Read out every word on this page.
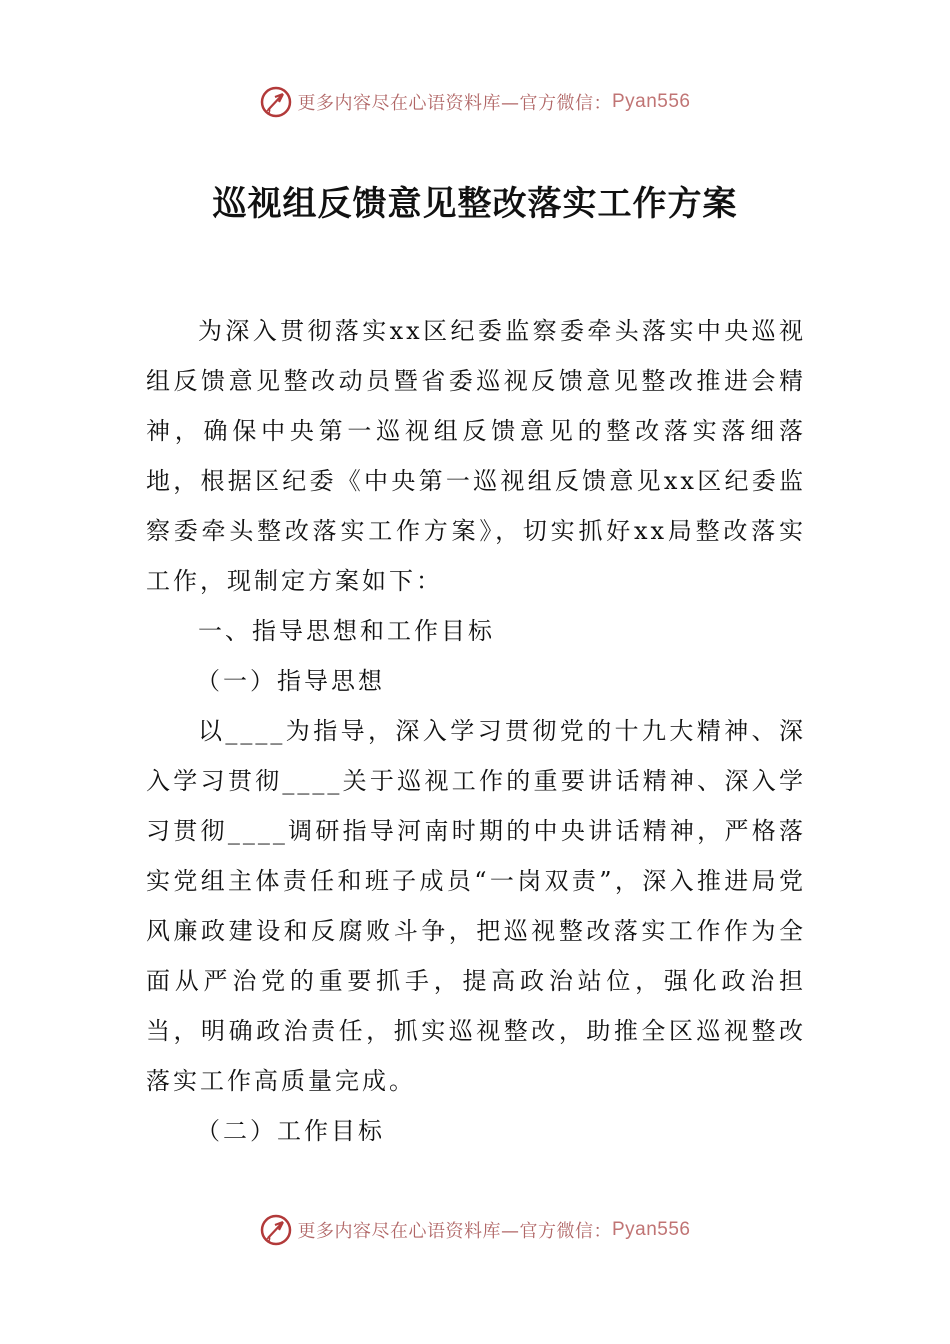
更多内容尽在心语资料库—官方微信： Pyan556
巡视组反馈意见整改落实工作方案

为深入贯彻落实xx区纪委监察委牵头落实中央巡视组反馈意见整改动员暨省委巡视反馈意见整改推进会精神，确保中央第一巡视组反馈意见的整改落实落细落地，根据区纪委《中央第一巡视组反馈意见xx区纪委监察委牵头整改落实工作方案》，切实抓好xx局整改落实工作，现制定方案如下：

一、指导思想和工作目标

（一）指导思想

以____为指导，深入学习贯彻党的十九大精神、深入学习贯彻____关于巡视工作的重要讲话精神、深入学习贯彻____调研指导河南时期的中央讲话精神，严格落实党组主体责任和班子成员“一岗双责”，深入推进局党风廉政建设和反腐败斗争，把巡视整改落实工作作为全面从严治党的重要抓手，提高政治站位，强化政治担当，明确政治责任，抓实巡视整改，助推全区巡视整改落实工作高质量完成。

（二）工作目标

更多内容尽在心语资料库—官方微信： Pyan556
